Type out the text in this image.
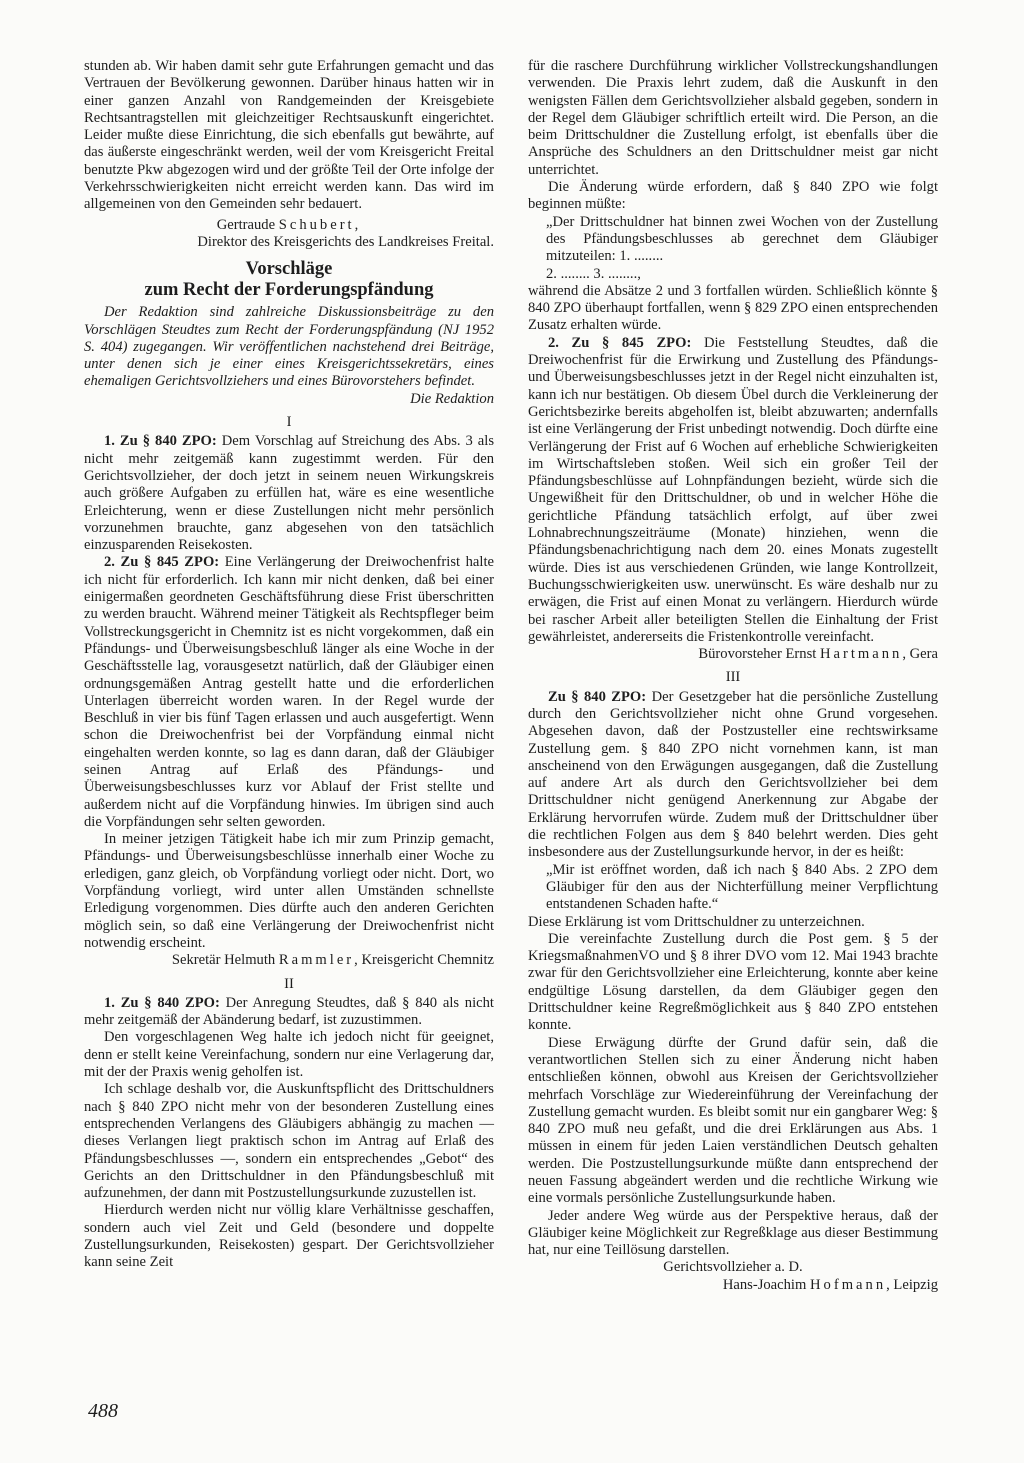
stunden ab. Wir haben damit sehr gute Erfahrungen gemacht und das Vertrauen der Bevölkerung gewonnen. Darüber hinaus hatten wir in einer ganzen Anzahl von Randgemeinden der Kreisgebiete Rechtsantragstellen mit gleichzeitiger Rechtsauskunft eingerichtet. Leider mußte diese Einrichtung, die sich ebenfalls gut bewährte, auf das äußerste eingeschränkt werden, weil der vom Kreisgericht Freital benutzte Pkw abgezogen wird und der größte Teil der Orte infolge der Verkehrsschwierigkeiten nicht erreicht werden kann. Das wird im allgemeinen von den Gemeinden sehr bedauert.

Gertraude Schubert,

Direktor des Kreisgerichts des Landkreises Freital.

Vorschläge
zum Recht der Forderungspfändung

Der Redaktion sind zahlreiche Diskussionsbeiträge zu den Vorschlägen Steudtes zum Recht der Forderungspfändung (NJ 1952 S. 404) zugegangen. Wir veröffentlichen nachstehend drei Beiträge, unter denen sich je einer eines Kreisgerichtssekretärs, eines ehemaligen Gerichtsvollziehers und eines Bürovorstehers befindet.

Die Redaktion

I

1. Zu § 840 ZPO: Dem Vorschlag auf Streichung des Abs. 3 als nicht mehr zeitgemäß kann zugestimmt werden. Für den Gerichtsvollzieher, der doch jetzt in seinem neuen Wirkungskreis auch größere Aufgaben zu erfüllen hat, wäre es eine wesentliche Erleichterung, wenn er diese Zustellungen nicht mehr persönlich vorzunehmen brauchte, ganz abgesehen von den tatsächlich einzusparenden Reisekosten.

2. Zu § 845 ZPO: Eine Verlängerung der Dreiwochenfrist halte ich nicht für erforderlich. Ich kann mir nicht denken, daß bei einer einigermaßen geordneten Geschäftsführung diese Frist überschritten zu werden braucht. Während meiner Tätigkeit als Rechtspfleger beim Vollstreckungsgericht in Chemnitz ist es nicht vorgekommen, daß ein Pfändungs- und Überweisungsbeschluß länger als eine Woche in der Geschäftsstelle lag, vorausgesetzt natürlich, daß der Gläubiger einen ordnungsgemäßen Antrag gestellt hatte und die erforderlichen Unterlagen überreicht worden waren. In der Regel wurde der Beschluß in vier bis fünf Tagen erlassen und auch ausgefertigt. Wenn schon die Dreiwochenfrist bei der Vorpfändung einmal nicht eingehalten werden konnte, so lag es dann daran, daß der Gläubiger seinen Antrag auf Erlaß des Pfändungs- und Überweisungsbeschlusses kurz vor Ablauf der Frist stellte und außerdem nicht auf die Vorpfändung hinwies. Im übrigen sind auch die Vorpfändungen sehr selten geworden.

In meiner jetzigen Tätigkeit habe ich mir zum Prinzip gemacht, Pfändungs- und Überweisungsbeschlüsse innerhalb einer Woche zu erledigen, ganz gleich, ob Vorpfändung vorliegt oder nicht. Dort, wo Vorpfändung vorliegt, wird unter allen Umständen schnellste Erledigung vorgenommen. Dies dürfte auch den anderen Gerichten möglich sein, so daß eine Verlängerung der Dreiwochenfrist nicht notwendig erscheint.

Sekretär Helmuth Rammler, Kreisgericht Chemnitz

II

1. Zu § 840 ZPO: Der Anregung Steudtes, daß § 840 als nicht mehr zeitgemäß der Abänderung bedarf, ist zuzustimmen.

Den vorgeschlagenen Weg halte ich jedoch nicht für geeignet, denn er stellt keine Vereinfachung, sondern nur eine Verlagerung dar, mit der der Praxis wenig geholfen ist.

Ich schlage deshalb vor, die Auskunftspflicht des Drittschuldners nach § 840 ZPO nicht mehr von der besonderen Zustellung eines entsprechenden Verlangens des Gläubigers abhängig zu machen — dieses Verlangen liegt praktisch schon im Antrag auf Erlaß des Pfändungsbeschlusses —, sondern ein entsprechendes „Gebot“ des Gerichts an den Drittschuldner in den Pfändungsbeschluß mit aufzunehmen, der dann mit Postzustellungsurkunde zuzustellen ist.

Hierdurch werden nicht nur völlig klare Verhältnisse geschaffen, sondern auch viel Zeit und Geld (besondere und doppelte Zustellungsurkunden, Reisekosten) gespart. Der Gerichtsvollzieher kann seine Zeit

für die raschere Durchführung wirklicher Vollstreckungshandlungen verwenden. Die Praxis lehrt zudem, daß die Auskunft in den wenigsten Fällen dem Gerichtsvollzieher alsbald gegeben, sondern in der Regel dem Gläubiger schriftlich erteilt wird. Die Person, an die beim Drittschuldner die Zustellung erfolgt, ist ebenfalls über die Ansprüche des Schuldners an den Drittschuldner meist gar nicht unterrichtet.

Die Änderung würde erfordern, daß § 840 ZPO wie folgt beginnen müßte:

„Der Drittschuldner hat binnen zwei Wochen von der Zustellung des Pfändungsbeschlusses ab gerechnet dem Gläubiger mitzuteilen: 1. ........

2. ........ 3. ........,

während die Absätze 2 und 3 fortfallen würden. Schließlich könnte § 840 ZPO überhaupt fortfallen, wenn § 829 ZPO einen entsprechenden Zusatz erhalten würde.

2. Zu § 845 ZPO: Die Feststellung Steudtes, daß die Dreiwochenfrist für die Erwirkung und Zustellung des Pfändungs- und Überweisungsbeschlusses jetzt in der Regel nicht einzuhalten ist, kann ich nur bestätigen. Ob diesem Übel durch die Verkleinerung der Gerichtsbezirke bereits abgeholfen ist, bleibt abzuwarten; andernfalls ist eine Verlängerung der Frist unbedingt notwendig. Doch dürfte eine Verlängerung der Frist auf 6 Wochen auf erhebliche Schwierigkeiten im Wirtschaftsleben stoßen. Weil sich ein großer Teil der Pfändungsbeschlüsse auf Lohnpfändungen bezieht, würde sich die Ungewißheit für den Drittschuldner, ob und in welcher Höhe die gerichtliche Pfändung tatsächlich erfolgt, auf über zwei Lohnabrechnungszeiträume (Monate) hinziehen, wenn die Pfändungsbenachrichtigung nach dem 20. eines Monats zugestellt würde. Dies ist aus verschiedenen Gründen, wie lange Kontrollzeit, Buchungsschwierigkeiten usw. unerwünscht. Es wäre deshalb nur zu erwägen, die Frist auf einen Monat zu verlängern. Hierdurch würde bei rascher Arbeit aller beteiligten Stellen die Einhaltung der Frist gewährleistet, andererseits die Fristenkontrolle vereinfacht.

Bürovorsteher Ernst Hartmann, Gera

III

Zu § 840 ZPO: Der Gesetzgeber hat die persönliche Zustellung durch den Gerichtsvollzieher nicht ohne Grund vorgesehen. Abgesehen davon, daß der Postzusteller eine rechtswirksame Zustellung gem. § 840 ZPO nicht vornehmen kann, ist man anscheinend von den Erwägungen ausgegangen, daß die Zustellung auf andere Art als durch den Gerichtsvollzieher bei dem Drittschuldner nicht genügend Anerkennung zur Abgabe der Erklärung hervorrufen würde. Zudem muß der Drittschuldner über die rechtlichen Folgen aus dem § 840 belehrt werden. Dies geht insbesondere aus der Zustellungsurkunde hervor, in der es heißt:

„Mir ist eröffnet worden, daß ich nach § 840 Abs. 2 ZPO dem Gläubiger für den aus der Nichterfüllung meiner Verpflichtung entstandenen Schaden hafte.“

Diese Erklärung ist vom Drittschuldner zu unterzeichnen.

Die vereinfachte Zustellung durch die Post gem. § 5 der KriegsmaßnahmenVO und § 8 ihrer DVO vom 12. Mai 1943 brachte zwar für den Gerichtsvollzieher eine Erleichterung, konnte aber keine endgültige Lösung darstellen, da dem Gläubiger gegen den Drittschuldner keine Regreßmöglichkeit aus § 840 ZPO entstehen konnte.

Diese Erwägung dürfte der Grund dafür sein, daß die verantwortlichen Stellen sich zu einer Änderung nicht haben entschließen können, obwohl aus Kreisen der Gerichtsvollzieher mehrfach Vorschläge zur Wiedereinführung der Vereinfachung der Zustellung gemacht wurden. Es bleibt somit nur ein gangbarer Weg: § 840 ZPO muß neu gefaßt, und die drei Erklärungen aus Abs. 1 müssen in einem für jeden Laien verständlichen Deutsch gehalten werden. Die Postzustellungsurkunde müßte dann entsprechend der neuen Fassung abgeändert werden und die rechtliche Wirkung wie eine vormals persönliche Zustellungsurkunde haben.

Jeder andere Weg würde aus der Perspektive heraus, daß der Gläubiger keine Möglichkeit zur Regreßklage aus dieser Bestimmung hat, nur eine Teillösung darstellen.

Gerichtsvollzieher a. D.

Hans-Joachim Hofmann, Leipzig

488
